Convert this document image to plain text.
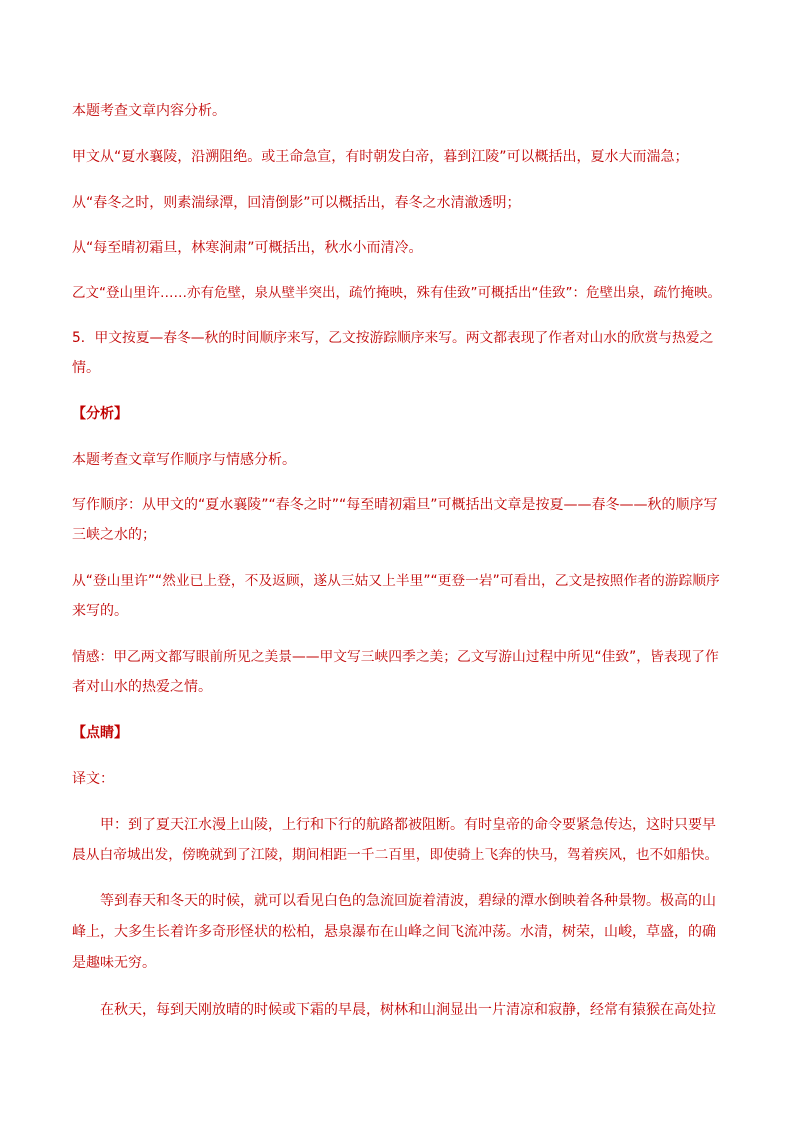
本题考查文章内容分析。
甲文从“夏水襄陵，沿溯阻绝。或王命急宣，有时朝发白帝，暮到江陵”可以概括出，夏水大而湍急；
从“春冬之时，则素湍绿潭，回清倒影”可以概括出，春冬之水清澈透明；
从“每至晴初霜旦，林寒涧肃”可概括出，秋水小而清冷。
乙文“登山里许……亦有危壁，泉从壁半突出，疏竹掩映，殊有佳致”可概括出“佳致”：危壁出泉，疏竹掩映。
5．甲文按夏—春冬—秋的时间顺序来写，乙文按游踪顺序来写。两文都表现了作者对山水的欣赏与热爱之
情。
【分析】
本题考查文章写作顺序与情感分析。
写作顺序：从甲文的“夏水襄陵”“春冬之时”“每至晴初霜旦”可概括出文章是按夏——春冬——秋的顺序写
三峡之水的；
从“登山里许”“然业已上登，不及返顾，遂从三姑又上半里”“更登一岩”可看出，乙文是按照作者的游踪顺序
来写的。
情感：甲乙两文都写眼前所见之美景——甲文写三峡四季之美；乙文写游山过程中所见“佳致”，皆表现了作
者对山水的热爱之情。
【点睛】
译文：
甲：到了夏天江水漫上山陵，上行和下行的航路都被阻断。有时皇帝的命令要紧急传达，这时只要早
晨从白帝城出发，傍晚就到了江陵，期间相距一千二百里，即使骑上飞奔的快马，驾着疾风，也不如船快。
等到春天和冬天的时候，就可以看见白色的急流回旋着清波，碧绿的潭水倒映着各种景物。极高的山
峰上，大多生长着许多奇形怪状的松柏，悬泉瀑布在山峰之间飞流冲荡。水清，树荣，山峻，草盛，的确
是趣味无穷。
在秋天，每到天刚放晴的时候或下霜的早晨，树林和山涧显出一片清凉和寂静，经常有猿猴在高处拉
